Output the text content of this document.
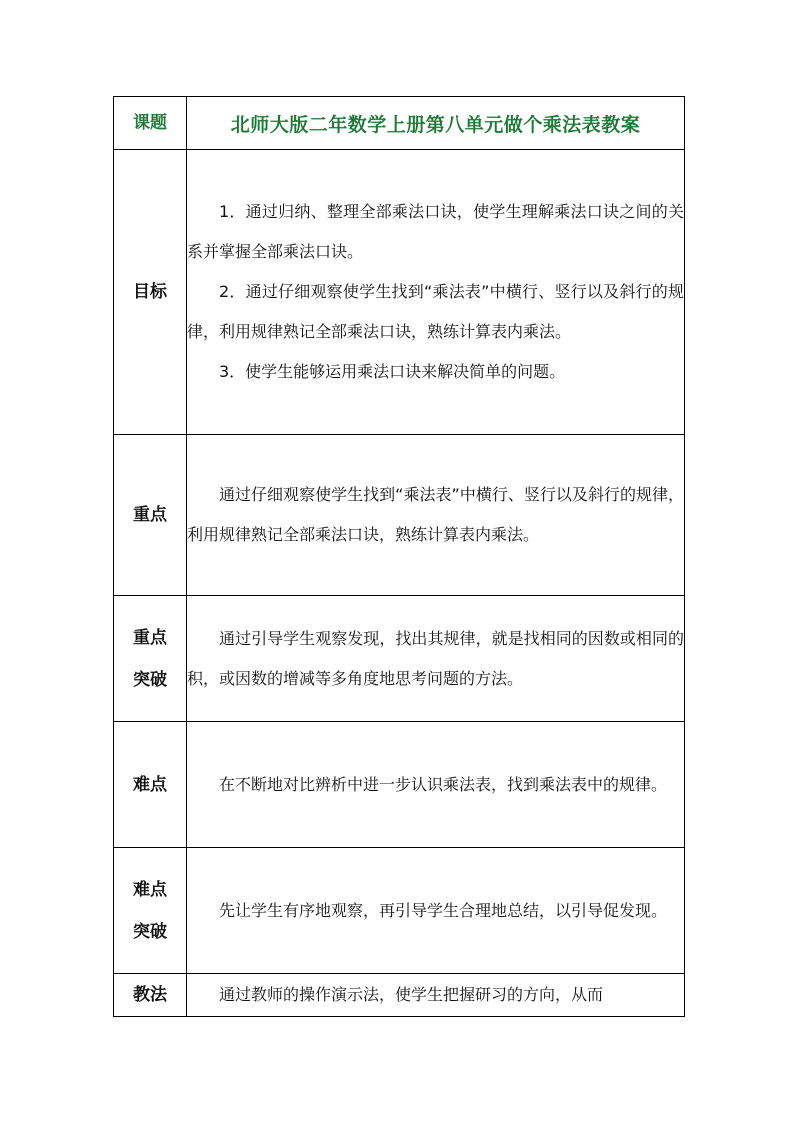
课题	北师大版二年数学上册第八单元做个乘法表教案

目标	1．通过归纳、整理全部乘法口诀，使学生理解乘法口诀之间的关系并掌握全部乘法口诀。

2．通过仔细观察使学生找到“乘法表”中横行、竖行以及斜行的规律，利用规律熟记全部乘法口诀，熟练计算表内乘法。

3．使学生能够运用乘法口诀来解决简单的问题。

重点	通过仔细观察使学生找到“乘法表”中横行、竖行以及斜行的规律，利用规律熟记全部乘法口诀，熟练计算表内乘法。

重点
突破	通过引导学生观察发现，找出其规律，就是找相同的因数或相同的积，或因数的增减等多角度地思考问题的方法。

难点	在不断地对比辨析中进一步认识乘法表，找到乘法表中的规律。

难点
突破	先让学生有序地观察，再引导学生合理地总结，以引导促发现。

教法	通过教师的操作演示法，使学生把握研习的方向，从而
